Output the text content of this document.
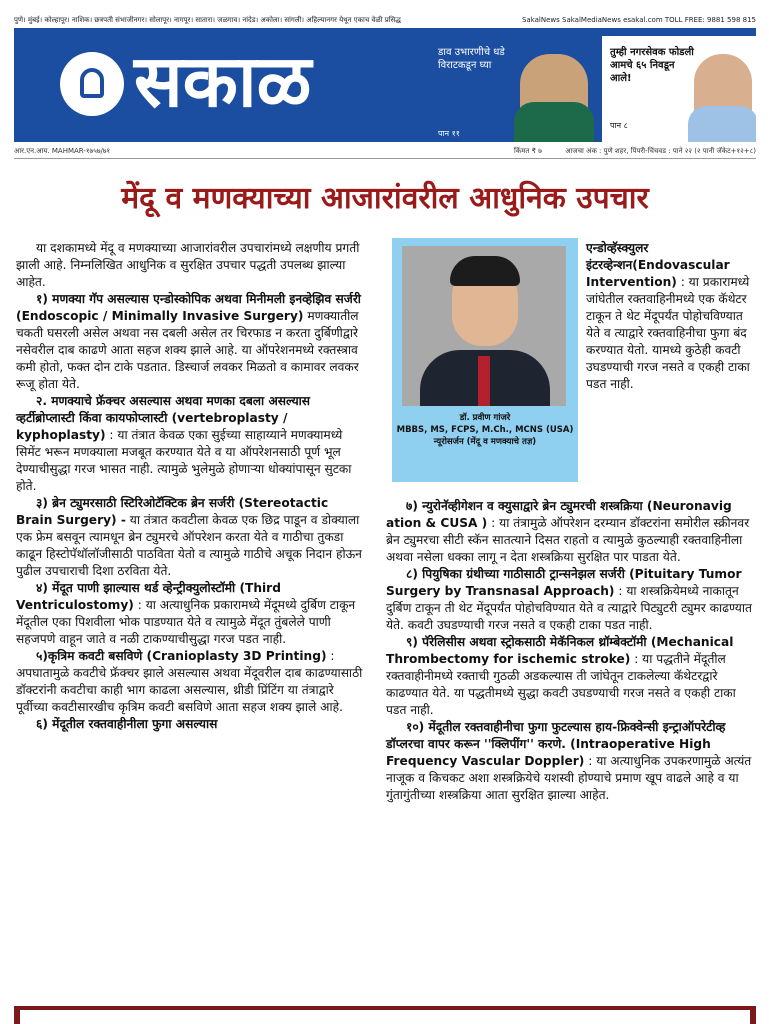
पुणे। मुंबई। कोल्हापूर। नाशिक। छत्रपती संभाजीनगर। सोलापूर। नागपूर। सातारा। जळगाव। नांदेड। अकोला। सांगली। अहिल्यानगर येथून एकाच वेळी प्रसिद्ध	SakalNews SakalMediaNews esakal.com TOLL FREE: 9881 598 815
सकाळ	डाव उभारणीचे धडे विराटकडून घ्या
पान ११
तुम्ही नगरसेवक फोडली आमचे ६५ निवडून आले!
पान ८
आर.एन.आय. MAHMAR-१७५७/७१	किंमत ₹ ७	आजचा अंक : पुणे शहर, पिंपरी-चिंचवड : पाने २२ (२ पानी जॅकेट+१२+८)
मेंदू व मणक्याच्या आजारांवरील आधुनिक उपचार

या दशकामध्ये मेंदू व मणक्याच्या आजारांवरील उपचारांमध्ये लक्षणीय प्रगती झाली आहे. निम्नलिखित आधुनिक व सुरक्षित उपचार पद्धती उपलब्ध झाल्या आहेत.

१) मणक्या गॅप असल्यास एन्डोस्कोपिक अथवा मिनीमली इनव्हेझिव सर्जरी (Endoscopic / Minimally Invasive Surgery) मणक्यातील चकती घसरली असेल अथवा नस दबली असेल तर चिरफाड न करता दुर्बिणीद्वारे नसेवरील दाब काढणे आता सहज शक्य झाले आहे. या ऑपरेशनमध्ये रक्तस्त्राव कमी होतो, फक्त दोन टाके पडतात. डिस्चार्ज लवकर मिळतो व कामावर लवकर रूजू होता येते.

२. मणक्याचे फ्रॅक्चर असल्यास अथवा मणका दबला असल्यास व्हर्टीब्रोप्लास्टी किंवा कायफोप्लास्टी (vertebroplasty / kyphoplasty) : या तंत्रात केवळ एका सुईच्या साहाय्याने मणक्यामध्ये सिमेंट भरून मणक्याला मजबूत करण्यात येते व या ऑपरेशनसाठी पूर्ण भूल देण्याचीसुद्धा गरज भासत नाही. त्यामुळे भुलेमुळे होणाऱ्या धोक्यांपासून सुटका होते.

३) ब्रेन ट्युमरसाठी स्टिरिओटॅक्टिक ब्रेन सर्जरी (Stereotactic Brain Surgery) - या तंत्रात कवटीला केवळ एक छिद्र पाडून व डोक्याला एक फ्रेम बसवून त्यामधून ब्रेन ट्युमरचे ऑपरेशन करता येते व गाठीचा तुकडा काढून हिस्टोपॅथॉलॉजीसाठी पाठविता येतो व त्यामुळे गाठीचे अचूक निदान होऊन पुढील उपचाराची दिशा ठरविता येते.

४) मेंदूत पाणी झाल्यास थर्ड व्हेन्ट्रीक्युलोस्टॉमी (Third Ventriculostomy) : या अत्याधुनिक प्रकारामध्ये मेंदूमध्ये दुर्बिण टाकून मेंदूतील एका पिशवीला भोक पाडण्यात येते व त्यामुळे मेंदूत तुंबलेले पाणी सहजपणे वाहून जाते व नळी टाकण्याचीसुद्धा गरज पडत नाही.

५)कृत्रिम कवटी बसविणे (Cranioplasty 3D Printing) : अपघातामुळे कवटीचे फ्रॅक्चर झाले असल्यास अथवा मेंदूवरील दाब काढण्यासाठी डॉक्टरांनी कवटीचा काही भाग काढला असल्यास, थ्रीडी प्रिंटिंग या तंत्राद्वारे पूर्वीच्या कवटीसारखीच कृत्रिम कवटी बसविणे आता सहज शक्य झाले आहे.

६) मेंदूतील रक्तवाहीनीला फुगा असल्यास

डॉ. प्रवीण गांजरे
MBBS, MS, FCPS, M.Ch., MCNS (USA)
न्यूरोसर्जन (मेंदू व मणक्याचे तज्ञ)

एन्डोव्हॅस्क्युलर इंटरव्हेन्शन(Endovascular Intervention) : या प्रकारामध्ये जांघेतील रक्तवाहिनीमध्ये एक कॅथेटर टाकून ते थेट मेंदूपर्यंत पोहोचविण्यात येते व त्याद्वारे रक्तवाहिनीचा फुगा बंद करण्यात येतो. यामध्ये कुठेही कवटी उघडण्याची गरज नसते व एकही टाका पडत नाही.

७) न्युरोनॅव्हीगेशन व क्युसाद्वारे ब्रेन ट्युमरची शस्त्रक्रिया (Neuronavig ation & CUSA ) : या तंत्रामुळे ऑपरेशन दरम्यान डॉक्टरांना समोरील स्क्रीनवर ब्रेन ट्युमरचा सीटी स्कॅन सातत्याने दिसत राहतो व त्यामुळे कुठल्याही रक्तवाहिनीला अथवा नसेला धक्का लागू न देता शस्त्रक्रिया सुरक्षित पार पाडता येते.

८) पियुषिका ग्रंथीच्या गाठीसाठी ट्रान्सनेझल सर्जरी (Pituitary Tumor Surgery by Transnasal Approach) : या शस्त्रक्रियेमध्ये नाकातून दुर्बिण टाकून ती थेट मेंदूपर्यंत पोहोचविण्यात येते व त्याद्वारे पिट्युटरी ट्युमर काढण्यात येते. कवटी उघडण्याची गरज नसते व एकही टाका पडत नाही.

९) पॅरेलिसीस अथवा स्ट्रोकसाठी मेकॅनिकल थ्रॉम्बेक्टॉमी (Mechanical Thrombectomy for ischemic stroke) : या पद्धतीने मेंदूतील रक्तवाहीनीमध्ये रक्ताची गुठळी अडकल्यास ती जांघेतून टाकलेल्या कॅथेटरद्वारे काढण्यात येते. या पद्धतीमध्ये सुद्धा कवटी उघडण्याची गरज नसते व एकही टाका पडत नाही.

१०) मेंदूतील रक्तवाहीनीचा फुगा फुटल्यास हाय-फ्रिक्वेन्सी इन्ट्राऑपरेटीव्ह डॉप्लरचा वापर करून ''क्लिपींग'' करणे. (Intraoperative High Frequency Vascular Doppler) : या अत्याधुनिक उपकरणामुळे अत्यंत नाजूक व किचकट अशा शस्त्रक्रियेचे यशस्वी होण्याचे प्रमाण खूप वाढले आहे व या गुंतागुंतीच्या शस्त्रक्रिया आता सुरक्षित झाल्या आहेत.
